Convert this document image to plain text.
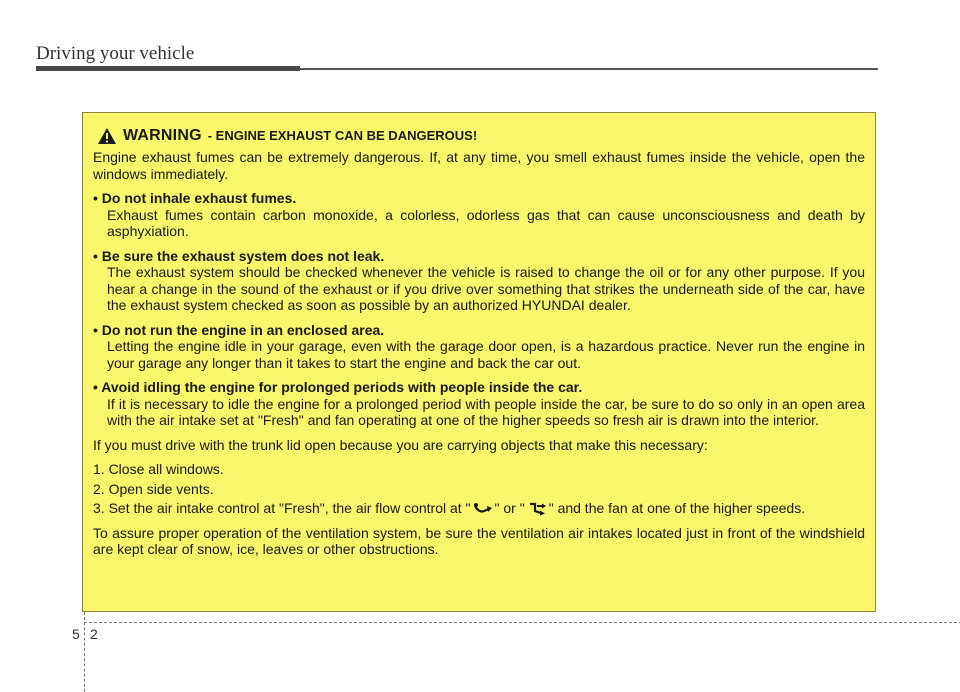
Driving your vehicle
WARNING - ENGINE EXHAUST CAN BE DANGEROUS!

Engine exhaust fumes can be extremely dangerous. If, at any time, you smell exhaust fumes inside the vehicle, open the windows immediately.

• Do not inhale exhaust fumes.
Exhaust fumes contain carbon monoxide, a colorless, odorless gas that can cause unconsciousness and death by asphyxiation.
• Be sure the exhaust system does not leak.
The exhaust system should be checked whenever the vehicle is raised to change the oil or for any other purpose. If you hear a change in the sound of the exhaust or if you drive over something that strikes the underneath side of the car, have the exhaust system checked as soon as possible by an authorized HYUNDAI dealer.
• Do not run the engine in an enclosed area.
Letting the engine idle in your garage, even with the garage door open, is a hazardous practice. Never run the engine in your garage any longer than it takes to start the engine and back the car out.
• Avoid idling the engine for prolonged periods with people inside the car.
If it is necessary to idle the engine for a prolonged period with people inside the car, be sure to do so only in an open area with the air intake set at "Fresh" and fan operating at one of the higher speeds so fresh air is drawn into the interior.

If you must drive with the trunk lid open because you are carrying objects that make this necessary:

1. Close all windows.
2. Open side vents.
3. Set the air intake control at "Fresh", the air flow control at " " or " " and the fan at one of the higher speeds.

To assure proper operation of the ventilation system, be sure the ventilation air intakes located just in front of the windshield are kept clear of snow, ice, leaves or other obstructions.

5 2
